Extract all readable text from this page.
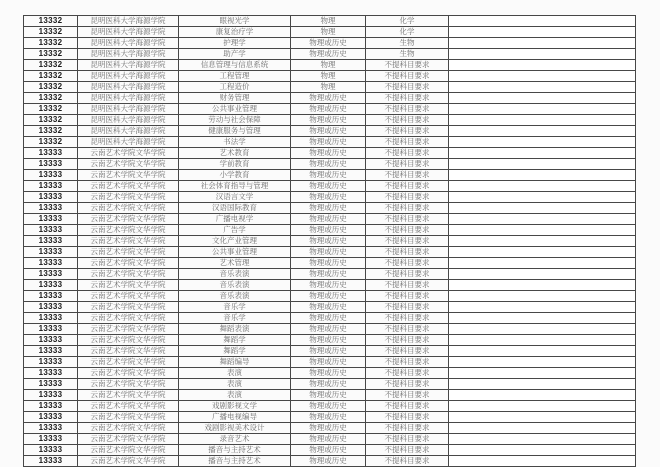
13332	昆明医科大学海源学院	眼视光学	物理	化学	
13332	昆明医科大学海源学院	康复治疗学	物理	化学	
13332	昆明医科大学海源学院	护理学	物理或历史	生物	
13332	昆明医科大学海源学院	助产学	物理或历史	生物	
13332	昆明医科大学海源学院	信息管理与信息系统	物理	不提科目要求	
13332	昆明医科大学海源学院	工程管理	物理	不提科目要求	
13332	昆明医科大学海源学院	工程造价	物理	不提科目要求	
13332	昆明医科大学海源学院	财务管理	物理或历史	不提科目要求	
13332	昆明医科大学海源学院	公共事业管理	物理或历史	不提科目要求	
13332	昆明医科大学海源学院	劳动与社会保障	物理或历史	不提科目要求	
13332	昆明医科大学海源学院	健康服务与管理	物理或历史	不提科目要求	
13332	昆明医科大学海源学院	书法学	物理或历史	不提科目要求	
13333	云南艺术学院文华学院	艺术教育	物理或历史	不提科目要求	
13333	云南艺术学院文华学院	学前教育	物理或历史	不提科目要求	
13333	云南艺术学院文华学院	小学教育	物理或历史	不提科目要求	
13333	云南艺术学院文华学院	社会体育指导与管理	物理或历史	不提科目要求	
13333	云南艺术学院文华学院	汉语言文学	物理或历史	不提科目要求	
13333	云南艺术学院文华学院	汉语国际教育	物理或历史	不提科目要求	
13333	云南艺术学院文华学院	广播电视学	物理或历史	不提科目要求	
13333	云南艺术学院文华学院	广告学	物理或历史	不提科目要求	
13333	云南艺术学院文华学院	文化产业管理	物理或历史	不提科目要求	
13333	云南艺术学院文华学院	公共事业管理	物理或历史	不提科目要求	
13333	云南艺术学院文华学院	艺术管理	物理或历史	不提科目要求	
13333	云南艺术学院文华学院	音乐表演	物理或历史	不提科目要求	
13333	云南艺术学院文华学院	音乐表演	物理或历史	不提科目要求	
13333	云南艺术学院文华学院	音乐表演	物理或历史	不提科目要求	
13333	云南艺术学院文华学院	音乐学	物理或历史	不提科目要求	
13333	云南艺术学院文华学院	音乐学	物理或历史	不提科目要求	
13333	云南艺术学院文华学院	舞蹈表演	物理或历史	不提科目要求	
13333	云南艺术学院文华学院	舞蹈学	物理或历史	不提科目要求	
13333	云南艺术学院文华学院	舞蹈学	物理或历史	不提科目要求	
13333	云南艺术学院文华学院	舞蹈编导	物理或历史	不提科目要求	
13333	云南艺术学院文华学院	表演	物理或历史	不提科目要求	
13333	云南艺术学院文华学院	表演	物理或历史	不提科目要求	
13333	云南艺术学院文华学院	表演	物理或历史	不提科目要求	
13333	云南艺术学院文华学院	戏剧影视文学	物理或历史	不提科目要求	
13333	云南艺术学院文华学院	广播电视编导	物理或历史	不提科目要求	
13333	云南艺术学院文华学院	戏剧影视美术设计	物理或历史	不提科目要求	
13333	云南艺术学院文华学院	录音艺术	物理或历史	不提科目要求	
13333	云南艺术学院文华学院	播音与主持艺术	物理或历史	不提科目要求	
13333	云南艺术学院文华学院	播音与主持艺术	物理或历史	不提科目要求	
